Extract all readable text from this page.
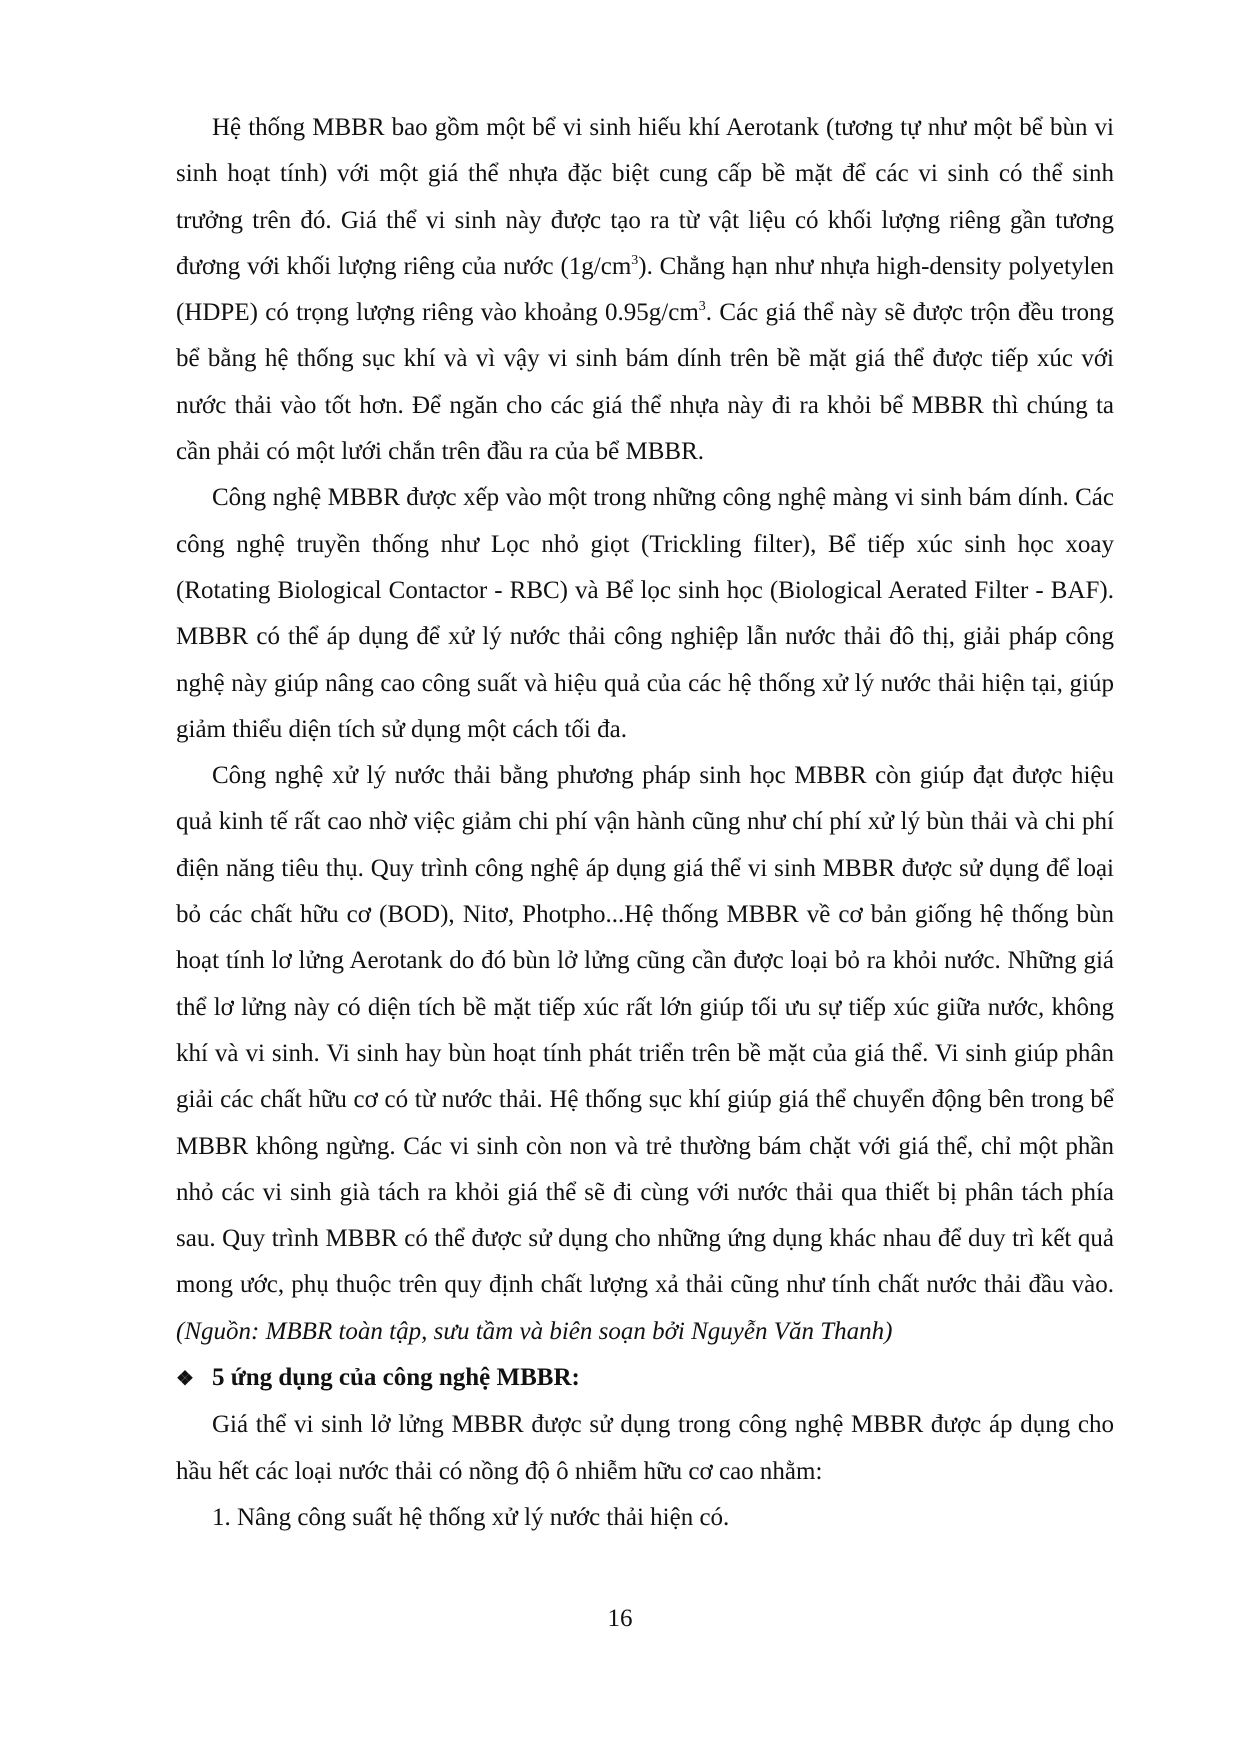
Hệ thống MBBR bao gồm một bể vi sinh hiếu khí Aerotank (tương tự như một bể bùn vi sinh hoạt tính) với một giá thể nhựa đặc biệt cung cấp bề mặt để các vi sinh có thể sinh trưởng trên đó. Giá thể vi sinh này được tạo ra từ vật liệu có khối lượng riêng gần tương đương với khối lượng riêng của nước $(1g/cm^3)$. Chẳng hạn như nhựa high-density polyetylen (HDPE) có trọng lượng riêng vào khoảng $0.95g/cm^3$. Các giá thể này sẽ được trộn đều trong bể bằng hệ thống sục khí và vì vậy vi sinh bám dính trên bề mặt giá thể được tiếp xúc với nước thải vào tốt hơn. Để ngăn cho các giá thể nhựa này đi ra khỏi bể MBBR thì chúng ta cần phải có một lưới chắn trên đầu ra của bể MBBR.

Công nghệ MBBR được xếp vào một trong những công nghệ màng vi sinh bám dính. Các công nghệ truyền thống như Lọc nhỏ giọt (Trickling filter), Bể tiếp xúc sinh học xoay (Rotating Biological Contactor - RBC) và Bể lọc sinh học (Biological Aerated Filter - BAF). MBBR có thể áp dụng để xử lý nước thải công nghiệp lẫn nước thải đô thị, giải pháp công nghệ này giúp nâng cao công suất và hiệu quả của các hệ thống xử lý nước thải hiện tại, giúp giảm thiểu diện tích sử dụng một cách tối đa.

Công nghệ xử lý nước thải bằng phương pháp sinh học MBBR còn giúp đạt được hiệu quả kinh tế rất cao nhờ việc giảm chi phí vận hành cũng như chí phí xử lý bùn thải và chi phí điện năng tiêu thụ. Quy trình công nghệ áp dụng giá thể vi sinh MBBR được sử dụng để loại bỏ các chất hữu cơ (BOD), Nitơ, Photpho...Hệ thống MBBR về cơ bản giống hệ thống bùn hoạt tính lơ lửng Aerotank do đó bùn lở lửng cũng cần được loại bỏ ra khỏi nước. Những giá thể lơ lửng này có diện tích bề mặt tiếp xúc rất lớn giúp tối ưu sự tiếp xúc giữa nước, không khí và vi sinh. Vi sinh hay bùn hoạt tính phát triển trên bề mặt của giá thể. Vi sinh giúp phân giải các chất hữu cơ có từ nước thải. Hệ thống sục khí giúp giá thể chuyển động bên trong bể MBBR không ngừng. Các vi sinh còn non và trẻ thường bám chặt với giá thể, chỉ một phần nhỏ các vi sinh già tách ra khỏi giá thể sẽ đi cùng với nước thải qua thiết bị phân tách phía sau. Quy trình MBBR có thể được sử dụng cho những ứng dụng khác nhau để duy trì kết quả mong ước, phụ thuộc trên quy định chất lượng xả thải cũng như tính chất nước thải đầu vào. (Nguồn: MBBR toàn tập, sưu tầm và biên soạn bởi Nguyễn Văn Thanh)

❖ 5 ứng dụng của công nghệ MBBR:

Giá thể vi sinh lở lửng MBBR được sử dụng trong công nghệ MBBR được áp dụng cho hầu hết các loại nước thải có nồng độ ô nhiễm hữu cơ cao nhằm:

1. Nâng công suất hệ thống xử lý nước thải hiện có.

16
